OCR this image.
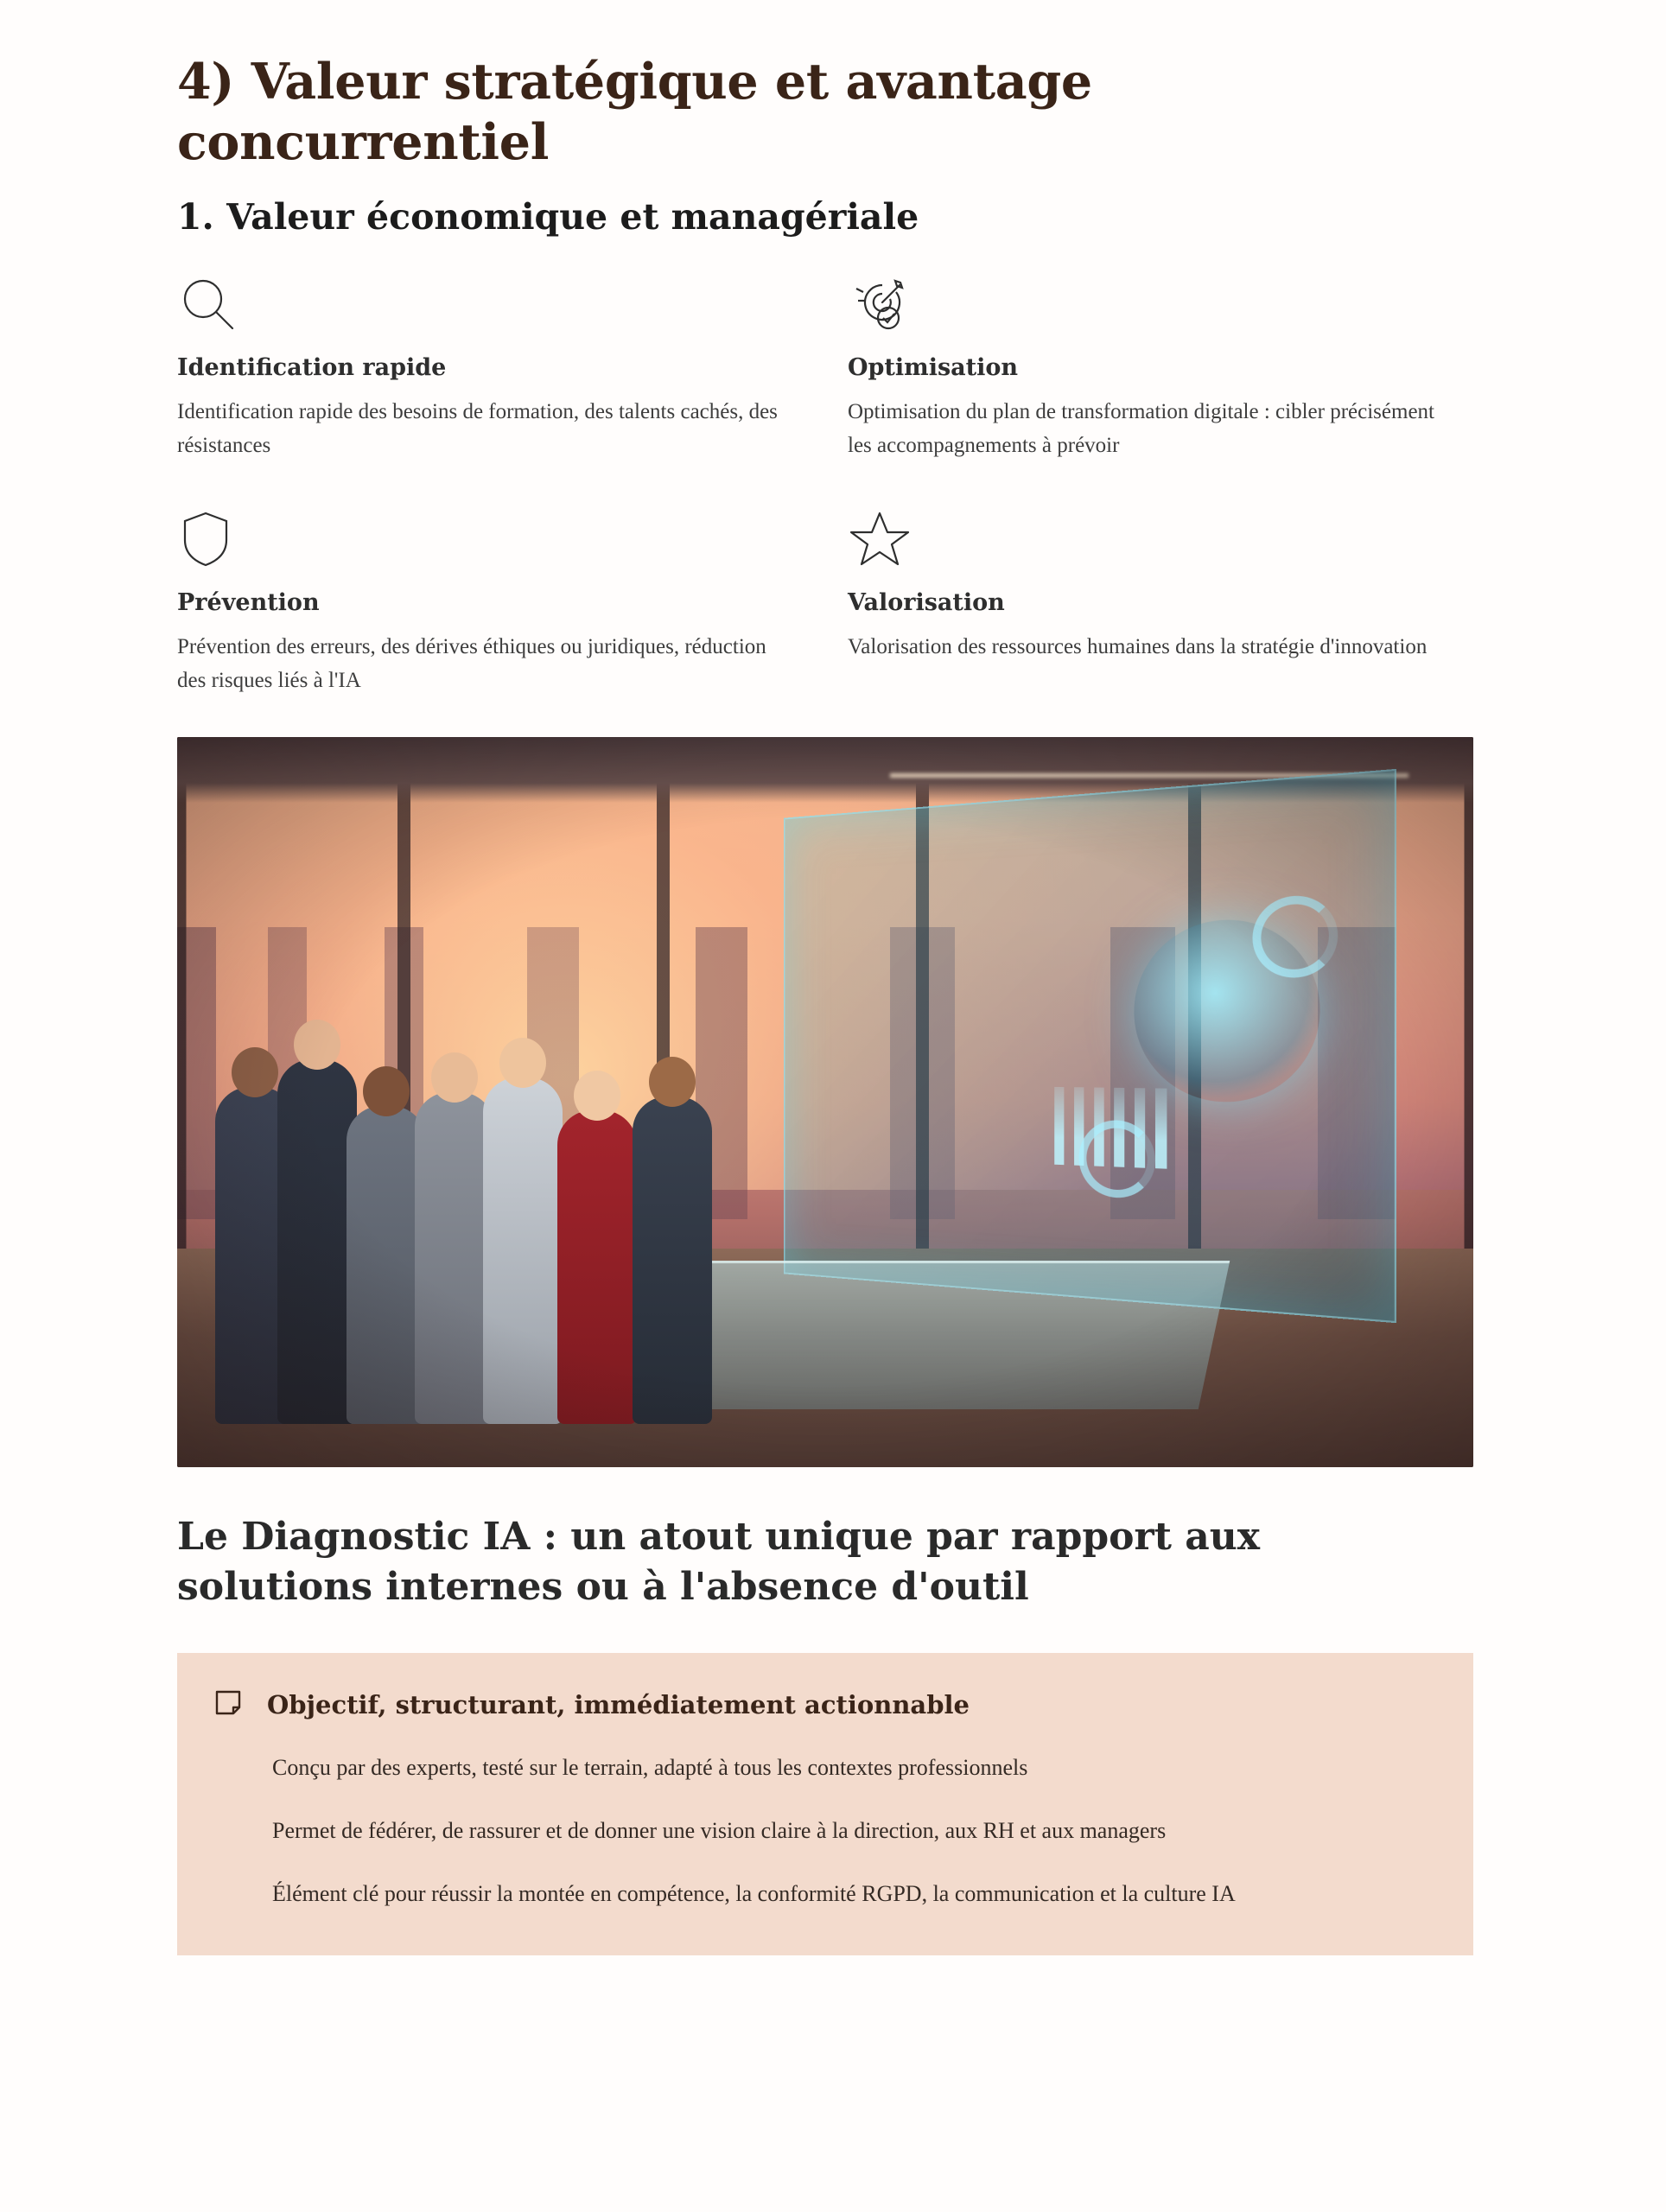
4) Valeur stratégique et avantage concurrentiel
1. Valeur économique et managériale
Identification rapide
Identification rapide des besoins de formation, des talents cachés, des résistances
Optimisation
Optimisation du plan de transformation digitale : cibler précisément les accompagnements à prévoir
Prévention
Prévention des erreurs, des dérives éthiques ou juridiques, réduction des risques liés à l'IA
Valorisation
Valorisation des ressources humaines dans la stratégie d'innovation
Le Diagnostic IA : un atout unique par rapport aux solutions internes ou à l'absence d'outil
Objectif, structurant, immédiatement actionnable
Conçu par des experts, testé sur le terrain, adapté à tous les contextes professionnels
Permet de fédérer, de rassurer et de donner une vision claire à la direction, aux RH et aux managers
Élément clé pour réussir la montée en compétence, la conformité RGPD, la communication et la culture IA
